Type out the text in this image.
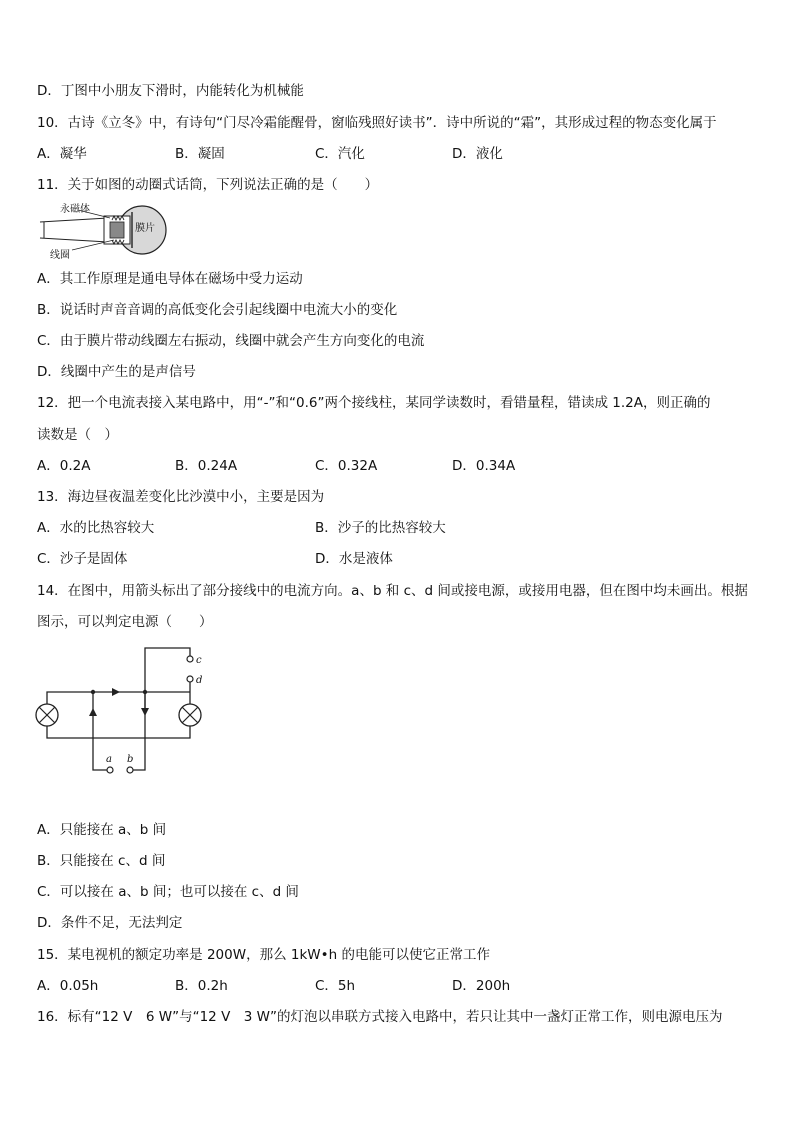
D．丁图中小朋友下滑时，内能转化为机械能
10．古诗《立冬》中，有诗句“门尽冷霜能醒骨，窗临残照好读书”．诗中所说的“霜”，其形成过程的物态变化属于
A．凝华	B．凝固	C．汽化	D．液化
11．关于如图的动圈式话筒，下列说法正确的是（　　）
永磁体
膜片
线圈
A．其工作原理是通电导体在磁场中受力运动
B．说话时声音音调的高低变化会引起线圈中电流大小的变化
C．由于膜片带动线圈左右振动，线圈中就会产生方向变化的电流
D．线圈中产生的是声信号
12．把一个电流表接入某电路中，用“-”和“0.6”两个接线柱，某同学读数时，看错量程，错读成 1.2A，则正确的
读数是（　）
A．0.2A	B．0.24A	C．0.32A	D．0.34A
13．海边昼夜温差变化比沙漠中小，主要是因为
A．水的比热容较大	B．沙子的比热容较大
C．沙子是固体	D．水是液体
14．在图中，用箭头标出了部分接线中的电流方向。a、b 和 c、d 间或接电源，或接用电器，但在图中均未画出。根据
图示，可以判定电源（　　）
c
d
a b
A．只能接在 a、b 间
B．只能接在 c、d 间
C．可以接在 a、b 间；也可以接在 c、d 间
D．条件不足，无法判定
15．某电视机的额定功率是 200W，那么 1kW•h 的电能可以使它正常工作
A．0.05h	B．0.2h	C．5h	D．200h
16．标有“12 V　6 W”与“12 V　3 W”的灯泡以串联方式接入电路中，若只让其中一盏灯正常工作，则电源电压为
